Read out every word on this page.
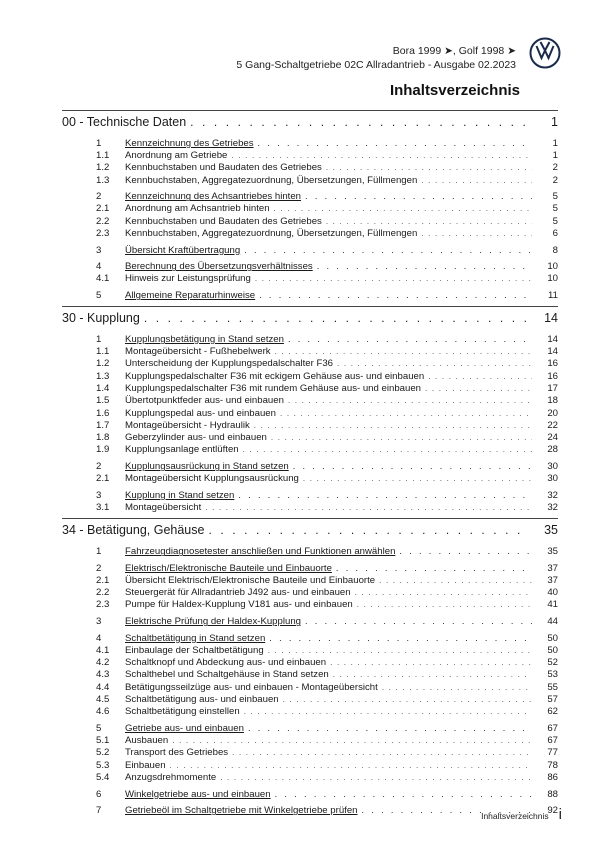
Bora 1999 ➤, Golf 1998 ➤
5 Gang-Schaltgetriebe 02C Allradantrieb - Ausgabe 02.2023
Inhaltsverzeichnis
00 - Technische Daten . . .	1
1	Kennzeichnung des Getriebes . . .	1
1.1	Anordnung am Getriebe . . .	1
1.2	Kennbuchstaben und Baudaten des Getriebes . . .	2
1.3	Kennbuchstaben, Aggregatezuordnung, Übersetzungen, Füllmengen . . .	2
2	Kennzeichnung des Achsantriebes hinten . . .	5
2.1	Anordnung am Achsantrieb hinten . . .	5
2.2	Kennbuchstaben und Baudaten des Getriebes . . .	5
2.3	Kennbuchstaben, Aggregatezuordnung, Übersetzungen, Füllmengen . . .	6
3	Übersicht Kraftübertragung . . .	8
4	Berechnung des Übersetzungsverhältnisses . . .	10
4.1	Hinweis zur Leistungsprüfung . . .	10
5	Allgemeine Reparaturhinweise . . .	11
30 - Kupplung . . .	14
1	Kupplungsbetätigung in Stand setzen . . .	14
1.1	Montageübersicht - Fußhebelwerk . . .	14
1.2	Unterscheidung der Kupplungspedalschalter F36 . . .	16
1.3	Kupplungspedalschalter F36 mit eckigem Gehäuse aus- und einbauen . . .	16
1.4	Kupplungspedalschalter F36 mit rundem Gehäuse aus- und einbauen . . .	17
1.5	Übertotpunktfeder aus- und einbauen . . .	18
1.6	Kupplungspedal aus- und einbauen . . .	20
1.7	Montageübersicht - Hydraulik . . .	22
1.8	Geberzylinder aus- und einbauen . . .	24
1.9	Kupplungsanlage entlüften . . .	28
2	Kupplungsausrückung in Stand setzen . . .	30
2.1	Montageübersicht Kupplungsausrückung . . .	30
3	Kupplung in Stand setzen . . .	32
3.1	Montageübersicht . . .	32
34 - Betätigung, Gehäuse . . .	35
1	Fahrzeugdiagnosetester anschließen und Funktionen anwählen . . .	35
2	Elektrisch/Elektronische Bauteile und Einbauorte . . .	37
2.1	Übersicht Elektrisch/Elektronische Bauteile und Einbauorte . . .	37
2.2	Steuergerät für Allradantrieb J492 aus- und einbauen . . .	40
2.3	Pumpe für Haldex-Kupplung V181 aus- und einbauen . . .	41
3	Elektrische Prüfung der Haldex-Kupplung . . .	44
4	Schaltbetätigung in Stand setzen . . .	50
4.1	Einbaulage der Schaltbetätigung . . .	50
4.2	Schaltknopf und Abdeckung aus- und einbauen . . .	52
4.3	Schalthebel und Schaltgehäuse in Stand setzen . . .	53
4.4	Betätigungsseilzüge aus- und einbauen - Montageübersicht . . .	55
4.5	Schaltbetätigung aus- und einbauen . . .	57
4.6	Schaltbetätigung einstellen . . .	62
5	Getriebe aus- und einbauen . . .	67
5.1	Ausbauen . . .	67
5.2	Transport des Getriebes . . .	77
5.3	Einbauen . . .	78
5.4	Anzugsdrehmomente . . .	86
6	Winkelgetriebe aus- und einbauen . . .	88
7	Getriebeöl im Schaltgetriebe mit Winkelgetriebe prüfen . . .	92
Inhaltsverzeichnis i
